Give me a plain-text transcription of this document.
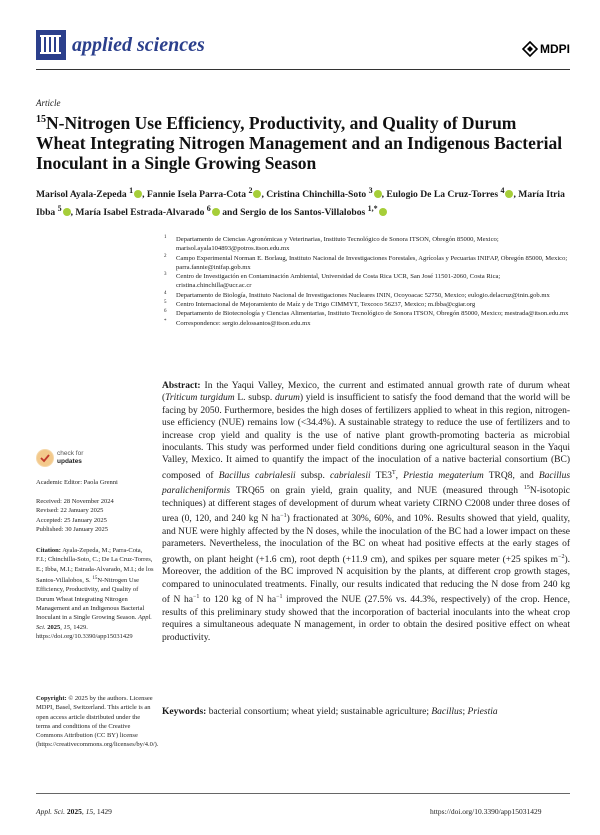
applied sciences	MDPI
Article
$^{15}$N-Nitrogen Use Efficiency, Productivity, and Quality of Durum Wheat Integrating Nitrogen Management and an Indigenous Bacterial Inoculant in a Single Growing Season
Marisol Ayala-Zepeda $^1$ , Fannie Isela Parra-Cota $^2$ , Cristina Chinchilla-Soto $^3$ , Eulogio De La Cruz-Torres $^4$ , María Itria Ibba $^5$ , María Isabel Estrada-Alvarado $^6$ and Sergio de los Santos-Villalobos $^{1,*}$
1 Departamento de Ciencias Agronómicas y Veterinarias, Instituto Tecnológico de Sonora ITSON, Obregón 85000, Mexico; marisol.ayala104893@potros.itson.edu.mx
2 Campo Experimental Norman E. Borlaug, Instituto Nacional de Investigaciones Forestales, Agrícolas y Pecuarias INIFAP, Obregón 85000, Mexico; parra.fannie@inifap.gob.mx
3 Centro de Investigación en Contaminación Ambiental, Universidad de Costa Rica UCR, San José 11501-2060, Costa Rica; cristina.chinchilla@ucr.ac.cr
4 Departamento de Biología, Instituto Nacional de Investigaciones Nucleares ININ, Ocoyoacac 52750, Mexico; eulogio.delacruz@inin.gob.mx
5 Centro Internacional de Mejoramiento de Maíz y de Trigo CIMMYT, Texcoco 56237, Mexico; m.ibba@cgiar.org
6 Departamento de Biotecnología y Ciencias Alimentarias, Instituto Tecnológico de Sonora ITSON, Obregón 85000, Mexico; mestrada@itson.edu.mx
* Correspondence: sergio.delossantos@itson.edu.mx
Abstract: In the Yaqui Valley, Mexico, the current and estimated annual growth rate of durum wheat (Triticum turgidum L. subsp. durum) yield is insufficient to satisfy the food demand that the world will be facing by 2050. Furthermore, besides the high doses of fertilizers applied to wheat in this region, nitrogen-use efficiency (NUE) remains low (<34.4%). A sustainable strategy to reduce the use of fertilizers and to increase crop yield and quality is the use of native plant growth-promoting bacteria as microbial inoculants. This study was performed under field conditions during one agricultural season in the Yaqui Valley, Mexico. It aimed to quantify the impact of the inoculation of a native bacterial consortium (BC) composed of Bacillus cabrialesii subsp. cabrialesii $TE3^T$, Priestia megaterium TRQ8, and Bacillus paralicheniformis TRQ65 on grain yield, grain quality, and NUE (measured through $^{15}$N-isotopic techniques) at different stages of development of durum wheat variety CIRNO C2008 under three doses of urea (0, 120, and 240 kg N $ha^{-1}$) fractionated at 30%, 60%, and 10%. Results showed that yield, quality, and NUE were highly affected by the N doses, while the inoculation of the BC had a lower impact on these parameters. Nevertheless, the inoculation of the BC on wheat had positive effects at the early stages of growth, on plant height (+1.6 cm), root depth (+11.9 cm), and spikes per square meter (+25 spikes $m^{-2}$). Moreover, the addition of the BC improved N acquisition by the plants, at different crop growth stages, compared to uninoculated treatments. Finally, our results indicated that reducing the N dose from 240 kg of N $ha^{-1}$ to 120 kg of N $ha^{-1}$ improved the NUE (27.5% vs. 44.3%, respectively) of the crop. Hence, results of this preliminary study showed that the incorporation of bacterial inoculants into the wheat crop requires a simultaneous adequate N management, in order to obtain the desired positive effect on wheat productivity.
Keywords: bacterial consortium; wheat yield; sustainable agriculture; Bacillus; Priestia
check for
updates
Academic Editor: Paola Grenni
Received: 28 November 2024
Revised: 22 January 2025
Accepted: 25 January 2025
Published: 30 January 2025
Citation: Ayala-Zepeda, M.; Parra-Cota, F.I.; Chinchilla-Soto, C.; De La Cruz-Torres, E.; Ibba, M.I.; Estrada-Alvarado, M.I.; de los Santos-Villalobos, S. $^{15}$N-Nitrogen Use Efficiency, Productivity, and Quality of Durum Wheat Integrating Nitrogen Management and an Indigenous Bacterial Inoculant in a Single Growing Season. Appl. Sci. 2025, 15, 1429. https://doi.org/10.3390/app15031429
Copyright: © 2025 by the authors. Licensee MDPI, Basel, Switzerland. This article is an open access article distributed under the terms and conditions of the Creative Commons Attribution (CC BY) license (https://creativecommons.org/licenses/by/4.0/).
Appl. Sci. 2025, 15, 1429	https://doi.org/10.3390/app15031429
